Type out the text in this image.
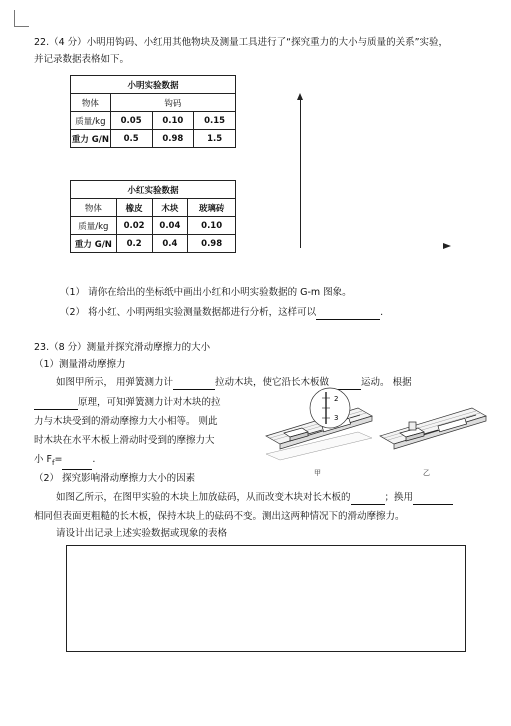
22.（4 分）小明用钩码、小红用其他物块及测量工具进行了“探究重力的大小与质量的关系”实验，
并记录数据表格如下。
小明实验数据			
物体	钩码		
质量/kg	0.05	0.10	0.15
重力 G/N	0.5	0.98	1.5
小红实验数据			
物体	橡皮	木块	玻璃砖
质量/kg	0.02	0.04	0.10
重力 G/N	0.2	0.4	0.98
（1） 请你在给出的坐标纸中画出小红和小明实验数据的 G-m 图象。
（2） 将小红、小明两组实验测量数据都进行分析，这样可以	.
23.（8 分）测量并探究滑动摩擦力的大小
（1）测量滑动摩擦力
如图甲所示， 用弹簧测力计	拉动木块，使它沿长木板做	运动。 根据
原理，可知弹簧测力计对木块的拉
力与木块受到的滑动摩擦力大小相等。 则此
时木块在水平木板上滑动时受到的摩擦力大
小 $F_f=$	.
2
3
甲	乙
（2） 探究影响滑动摩擦力大小的因素
如图乙所示，在图甲实验的木块上加放砝码，从而改变木块对长木板的	；换用
相同但表面更粗糙的长木板，保持木块上的砝码不变。测出这两种情况下的滑动摩擦力。
请设计出记录上述实验数据或现象的表格
